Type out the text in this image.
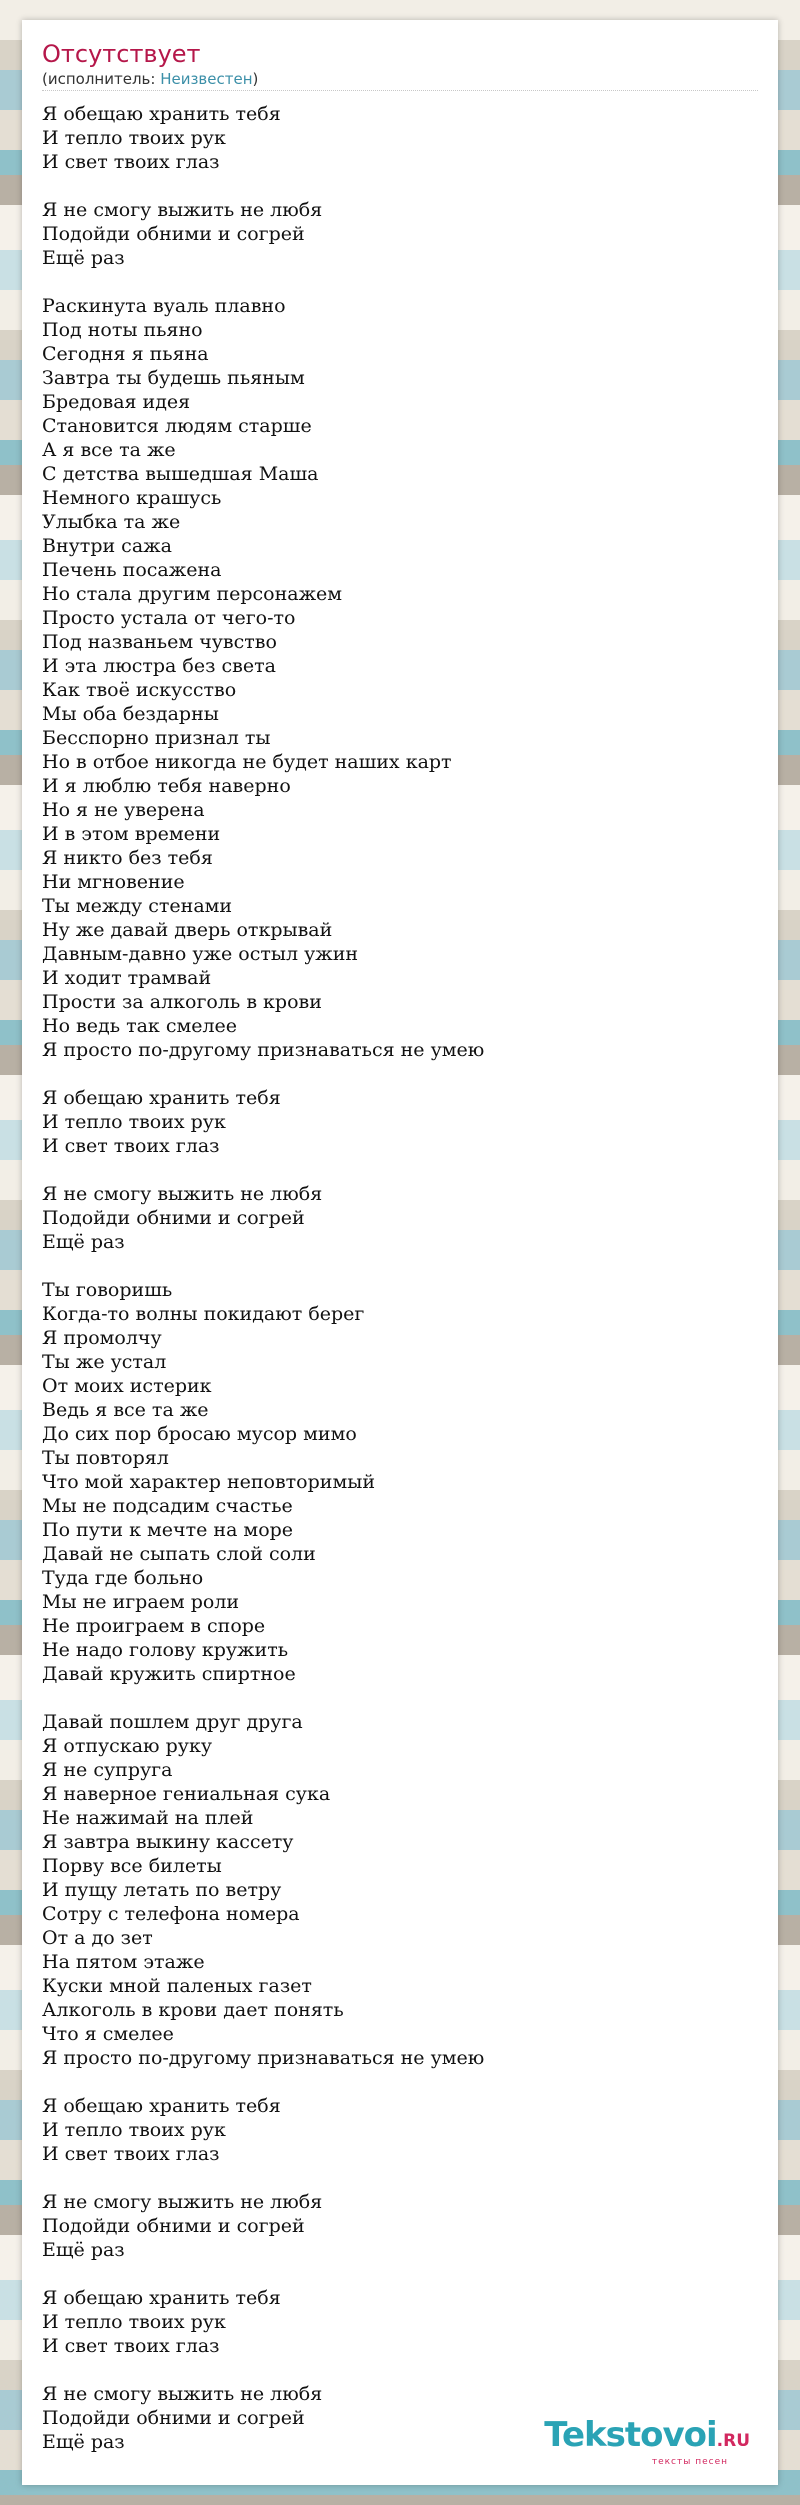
Отсутствует
(исполнитель: Неизвестен)
Я обещаю хранить тебя
И тепло твоих рук
И свет твоих глаз
Я не смогу выжить не любя
Подойди обними и согрей
Ещё раз
Раскинута вуаль плавно
Под ноты пьяно
Сегодня я пьяна
Завтра ты будешь пьяным
Бредовая идея
Становится людям старше
А я все та же
С детства вышедшая Маша
Немного крашусь
Улыбка та же
Внутри сажа
Печень посажена
Но стала другим персонажем
Просто устала от чего-то
Под названьем чувство
И эта люстра без света
Как твоё искусство
Мы оба бездарны
Бесспорно признал ты
Но в отбое никогда не будет наших карт
И я люблю тебя наверно
Но я не уверена
И в этом времени
Я никто без тебя
Ни мгновение
Ты между стенами
Ну же давай дверь открывай
Давным-давно уже остыл ужин
И ходит трамвай
Прости за алкоголь в крови
Но ведь так смелее
Я просто по-другому признаваться не умею
Я обещаю хранить тебя
И тепло твоих рук
И свет твоих глаз
Я не смогу выжить не любя
Подойди обними и согрей
Ещё раз
Ты говоришь
Когда-то волны покидают берег
Я промолчу
Ты же устал
От моих истерик
Ведь я все та же
До сих пор бросаю мусор мимо
Ты повторял
Что мой характер неповторимый
Мы не подсадим счастье
По пути к мечте на море
Давай не сыпать слой соли
Туда где больно
Мы не играем роли
Не проиграем в споре
Не надо голову кружить
Давай кружить спиртное
Давай пошлем друг друга
Я отпускаю руку
Я не супруга
Я наверное гениальная сука
Не нажимай на плей
Я завтра выкину кассету
Порву все билеты
И пущу летать по ветру
Сотру с телефона номера
От а до зет
На пятом этаже
Куски мной паленых газет
Алкоголь в крови дает понять
Что я смелее
Я просто по-другому признаваться не умею
Я обещаю хранить тебя
И тепло твоих рук
И свет твоих глаз
Я не смогу выжить не любя
Подойди обними и согрей
Ещё раз
Я обещаю хранить тебя
И тепло твоих рук
И свет твоих глаз
Я не смогу выжить не любя
Подойди обними и согрей
Ещё раз	Tekstovoi.RU
тексты песен
